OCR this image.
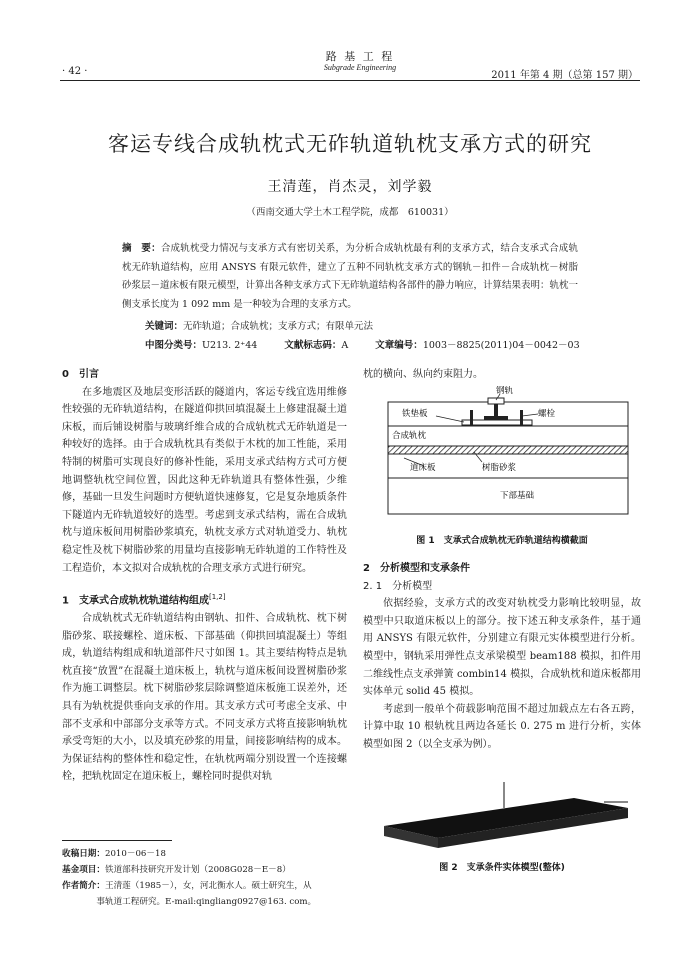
· 42 ·
路 基 工 程
Subgrade Engineering
2011 年第 4 期（总第 157 期）
客运专线合成轨枕式无砟轨道轨枕支承方式的研究
王清莲，肖杰灵，刘学毅
（西南交通大学土木工程学院，成都　610031）
摘　要：合成轨枕受力情况与支承方式有密切关系，为分析合成轨枕最有利的支承方式，结合支承式合成轨枕无砟轨道结构，应用 ANSYS 有限元软件，建立了五种不同轨枕支承方式的钢轨－扣件－合成轨枕－树脂砂浆层－道床板有限元模型，计算出各种支承方式下无砟轨道结构各部件的静力响应，计算结果表明：轨枕一侧支承长度为 1 092 mm 是一种较为合理的支承方式。
关键词：无砟轨道；合成轨枕；支承方式；有限单元法
中图分类号：U213. 2⁺44	文献标志码：A	文章编号：1003－8825(2011)04－0042－03
0　引言

在多地震区及地层变形活跃的隧道内，客运专线宜选用维修性较强的无砟轨道结构，在隧道仰拱回填混凝土上修建混凝土道床板，而后铺设树脂与玻璃纤维合成的合成轨枕式无砟轨道是一种较好的选择。由于合成轨枕具有类似于木枕的加工性能，采用特制的树脂可实现良好的修补性能，采用支承式结构方式可方便地调整轨枕空间位置，因此这种无砟轨道具有整体性强，少维修，基础一旦发生问题时方便轨道快速修复，它是复杂地质条件下隧道内无砟轨道较好的选型。考虑到支承式结构，需在合成轨枕与道床板间用树脂砂浆填充，轨枕支承方式对轨道受力、轨枕稳定性及枕下树脂砂浆的用量均直接影响无砟轨道的工作特性及工程造价，本文拟对合成轨枕的合理支承方式进行研究。

1　支承式合成轨枕轨道结构组成[1,2]

合成轨枕式无砟轨道结构由钢轨、扣件、合成轨枕、枕下树脂砂浆、联接螺栓、道床板、下部基础（仰拱回填混凝土）等组成，轨道结构组成和轨道部件尺寸如图 1。其主要结构特点是轨枕直接“放置”在混凝土道床板上，轨枕与道床板间设置树脂砂浆作为施工调整层。枕下树脂砂浆层除调整道床板施工误差外，还具有为轨枕提供垂向支承的作用。其支承方式可考虑全支承、中部不支承和中部部分支承等方式。不同支承方式将直接影响轨枕承受弯矩的大小，以及填充砂浆的用量，间接影响结构的成本。为保证结构的整体性和稳定性，在轨枕两端分别设置一个连接螺栓，把轨枕固定在道床板上，螺栓同时提供对轨

枕的横向、纵向约束阻力。
钢轨
铁垫板	螺栓
合成轨枕
道床板	树脂砂浆
下部基础
图 1　支承式合成轨枕无砟轨道结构横截面
2　分析模型和支承条件
2. 1　分析模型

依据经验，支承方式的改变对轨枕受力影响比较明显，故模型中只取道床板以上的部分。按下述五种支承条件，基于通用 ANSYS 有限元软件，分别建立有限元实体模型进行分析。模型中，钢轨采用弹性点支承梁模型 beam188 模拟，扣件用二维线性点支承弹簧 combin14 模拟，合成轨枕和道床板都用实体单元 solid 45 模拟。

考虑到一般单个荷载影响范围不超过加载点左右各五跨，计算中取 10 根轨枕且两边各延长 0. 275 m 进行分析，实体模型如图 2（以全支承为例）。

图 2　支承条件实体模型(整体)
收稿日期：2010－06－18
基金项目：铁道部科技研究开发计划（2008G028－E－8）
作者简介：王清莲（1985－），女，河北衡水人。硕士研究生，从
事轨道工程研究。E-mail:qingliang0927@163. com。
